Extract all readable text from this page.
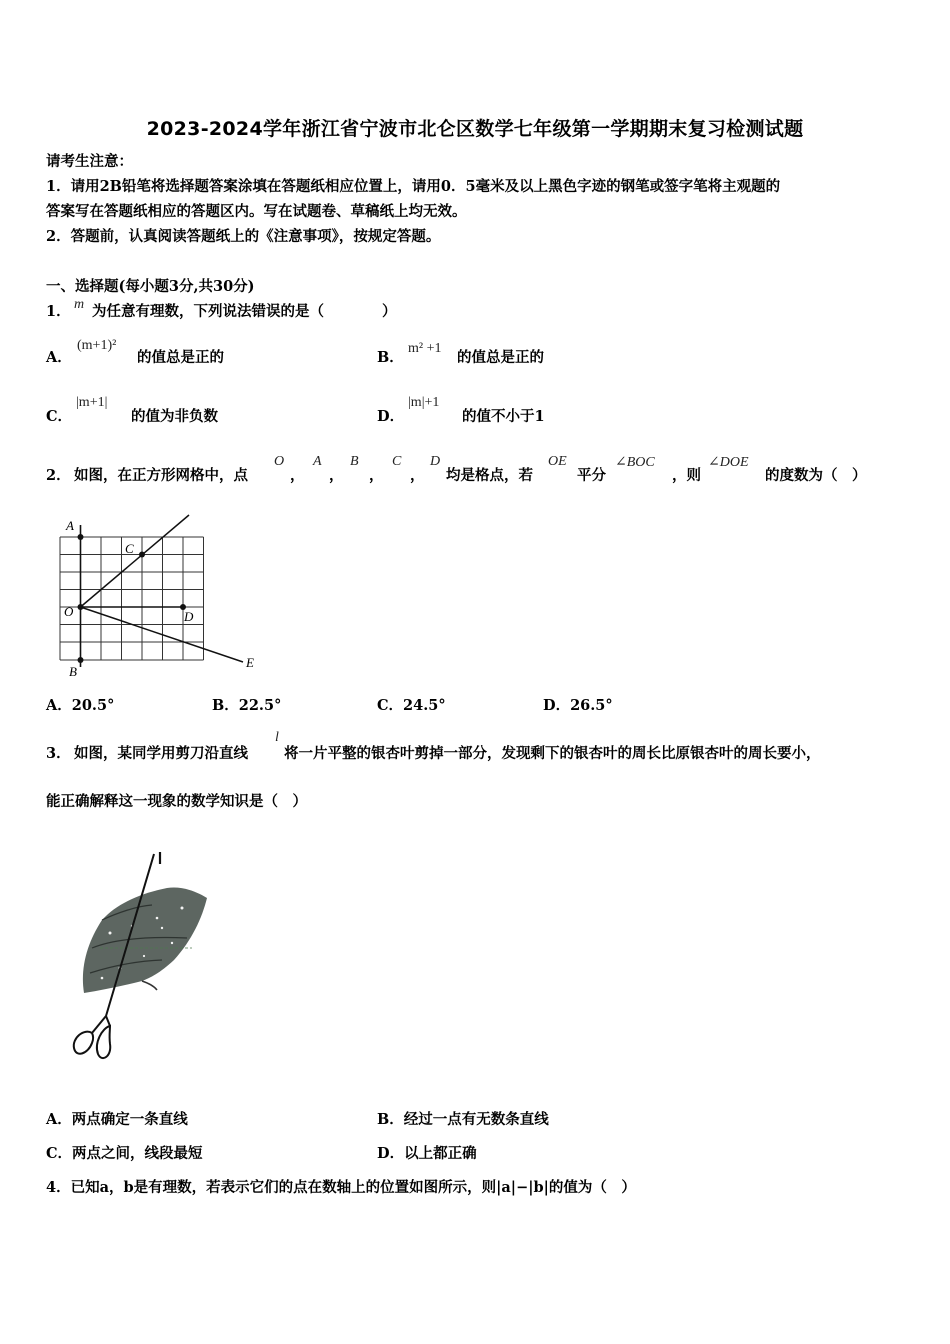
2023-2024学年浙江省宁波市北仑区数学七年级第一学期期末复习检测试题
请考生注意：
1．请用2B铅笔将选择题答案涂填在答题纸相应位置上，请用0．5毫米及以上黑色字迹的钢笔或签字笔将主观题的
答案写在答题纸相应的答题区内。写在试题卷、草稿纸上均无效。
2．答题前，认真阅读答题纸上的《注意事项》，按规定答题。
一、选择题(每小题3分,共30分)
1． m 为任意有理数，下列说法错误的是（　　　　）
A．
(m+1)²
的值总是正的	B．
m² +1
的值总是正的
C．
|m+1|
的值为非负数	D．
|m|+1
的值不小于1
2． 如图，在正方形网格中，点
O
，
A
，
B
，
C
，
D
均是格点，若
OE
平分
∠BOC
，则
∠DOE
的度数为（　）
A
C
O	D
B
E
A．20.5°	B．22.5°	C．24.5°	D．26.5°
3． 如图，某同学用剪刀沿直线
l
将一片平整的银杏叶剪掉一部分，发现剩下的银杏叶的周长比原银杏叶的周长要小，
能正确解释这一现象的数学知识是（　）
A．两点确定一条直线	B．经过一点有无数条直线
C．两点之间，线段最短	D．以上都正确
4．已知a，b是有理数，若表示它们的点在数轴上的位置如图所示，则|a|−|b|的值为（　）
